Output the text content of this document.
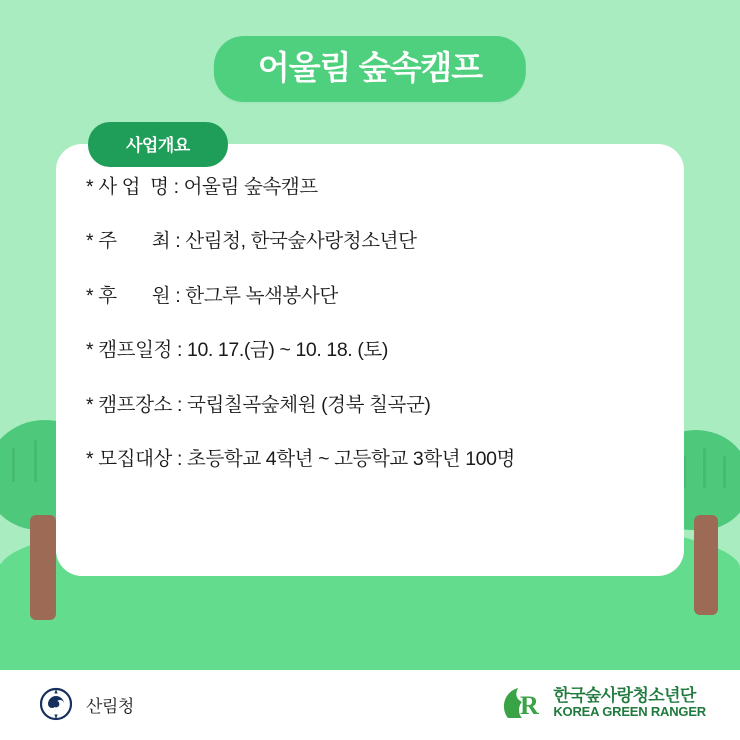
어울림 숲속캠프
사업개요
* 사 업  명 : 어울림 숲속캠프
* 주       최 : 산림청, 한국숲사랑청소년단
* 후       원 : 한그루 녹색봉사단
* 캠프일정 : 10. 17.(금) ~ 10. 18. (토)
* 캠프장소 : 국립칠곡숲체원 (경북 칠곡군)
* 모집대상 : 초등학교 4학년 ~ 고등학교 3학년 100명
산림청	R 한국숲사랑청소년단
KOREA GREEN RANGER
